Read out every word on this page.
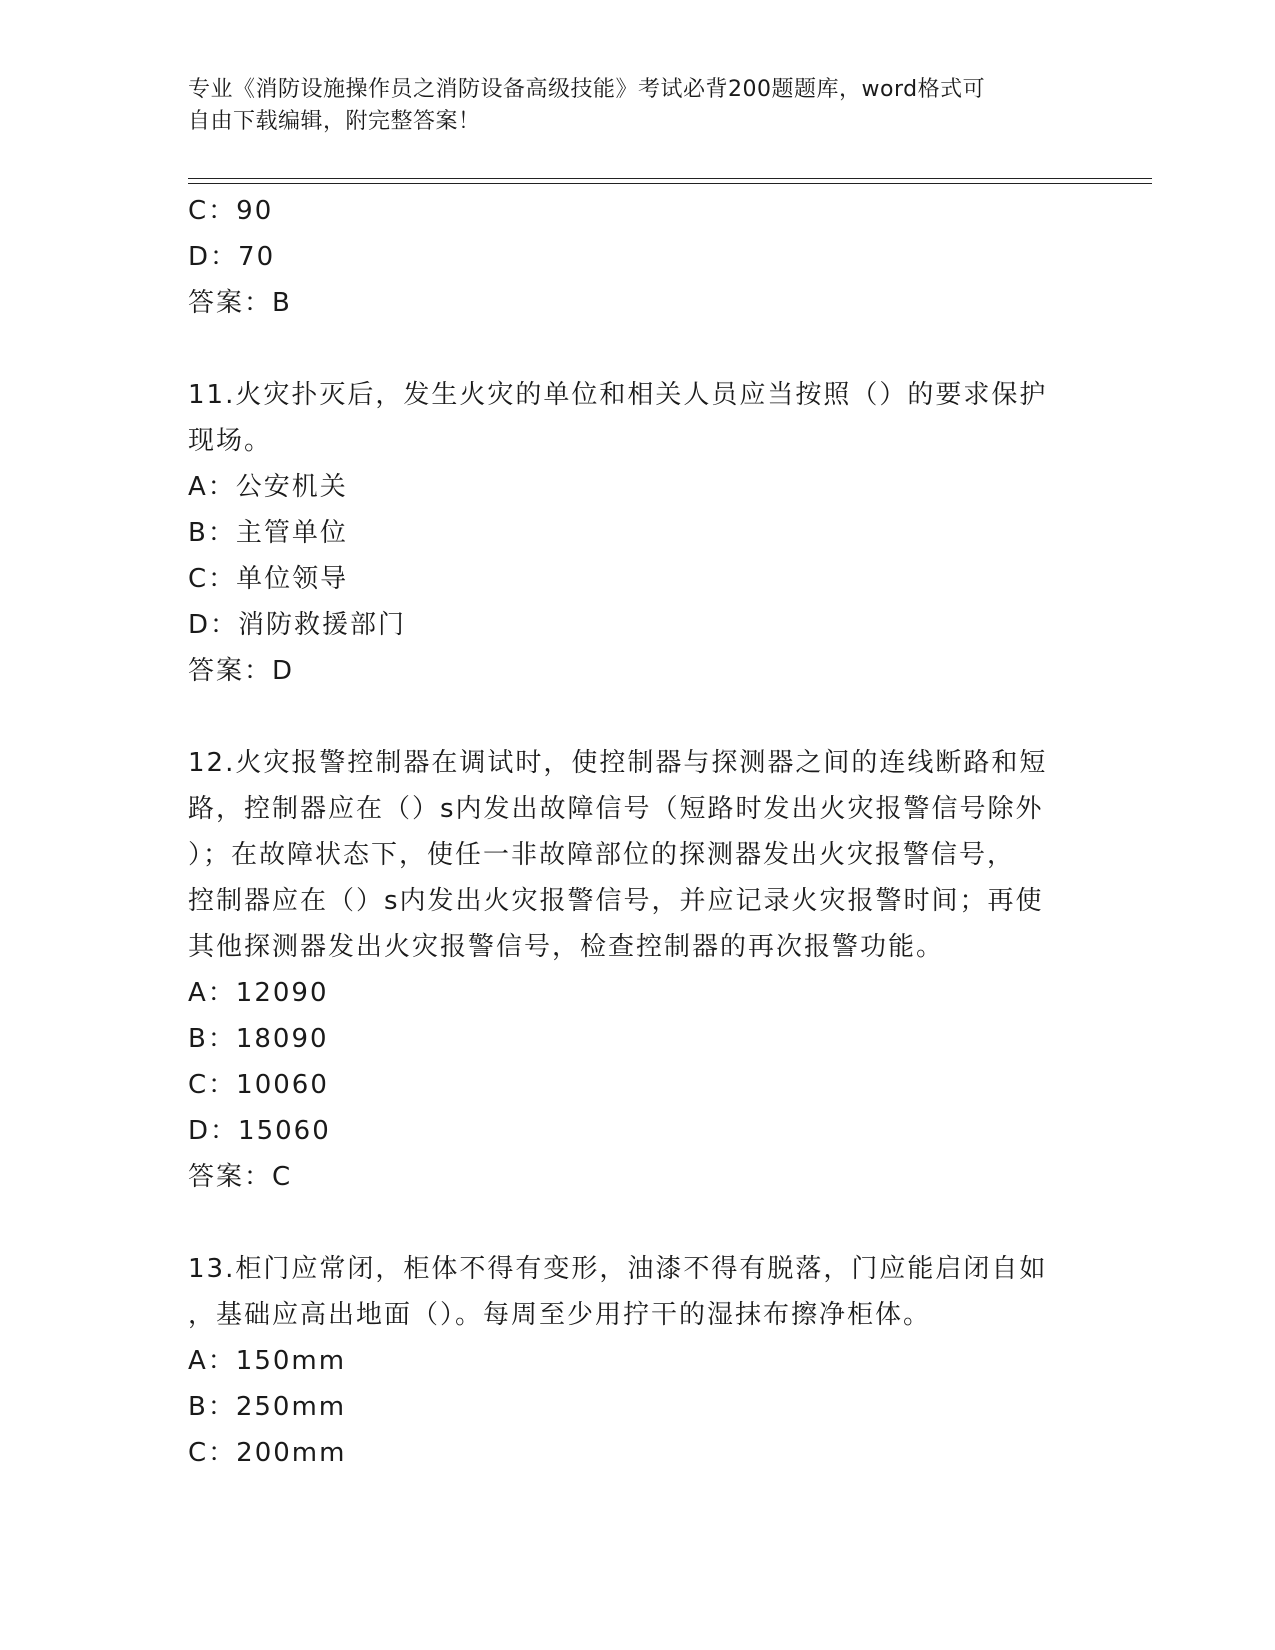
专业《消防设施操作员之消防设备高级技能》考试必背200题题库，word格式可
自由下载编辑，附完整答案！
C：90
D：70
答案：B
11.火灾扑灭后，发生火灾的单位和相关人员应当按照（）的要求保护
现场。
A：公安机关
B：主管单位
C：单位领导
D：消防救援部门
答案：D
12.火灾报警控制器在调试时，使控制器与探测器之间的连线断路和短
路，控制器应在（）s内发出故障信号（短路时发出火灾报警信号除外
）；在故障状态下，使任一非故障部位的探测器发出火灾报警信号，
控制器应在（）s内发出火灾报警信号，并应记录火灾报警时间；再使
其他探测器发出火灾报警信号，检查控制器的再次报警功能。
A：12090
B：18090
C：10060
D：15060
答案：C
13.柜门应常闭，柜体不得有变形，油漆不得有脱落，门应能启闭自如
，基础应高出地面（）。每周至少用拧干的湿抹布擦净柜体。
A：150mm
B：250mm
C：200mm
